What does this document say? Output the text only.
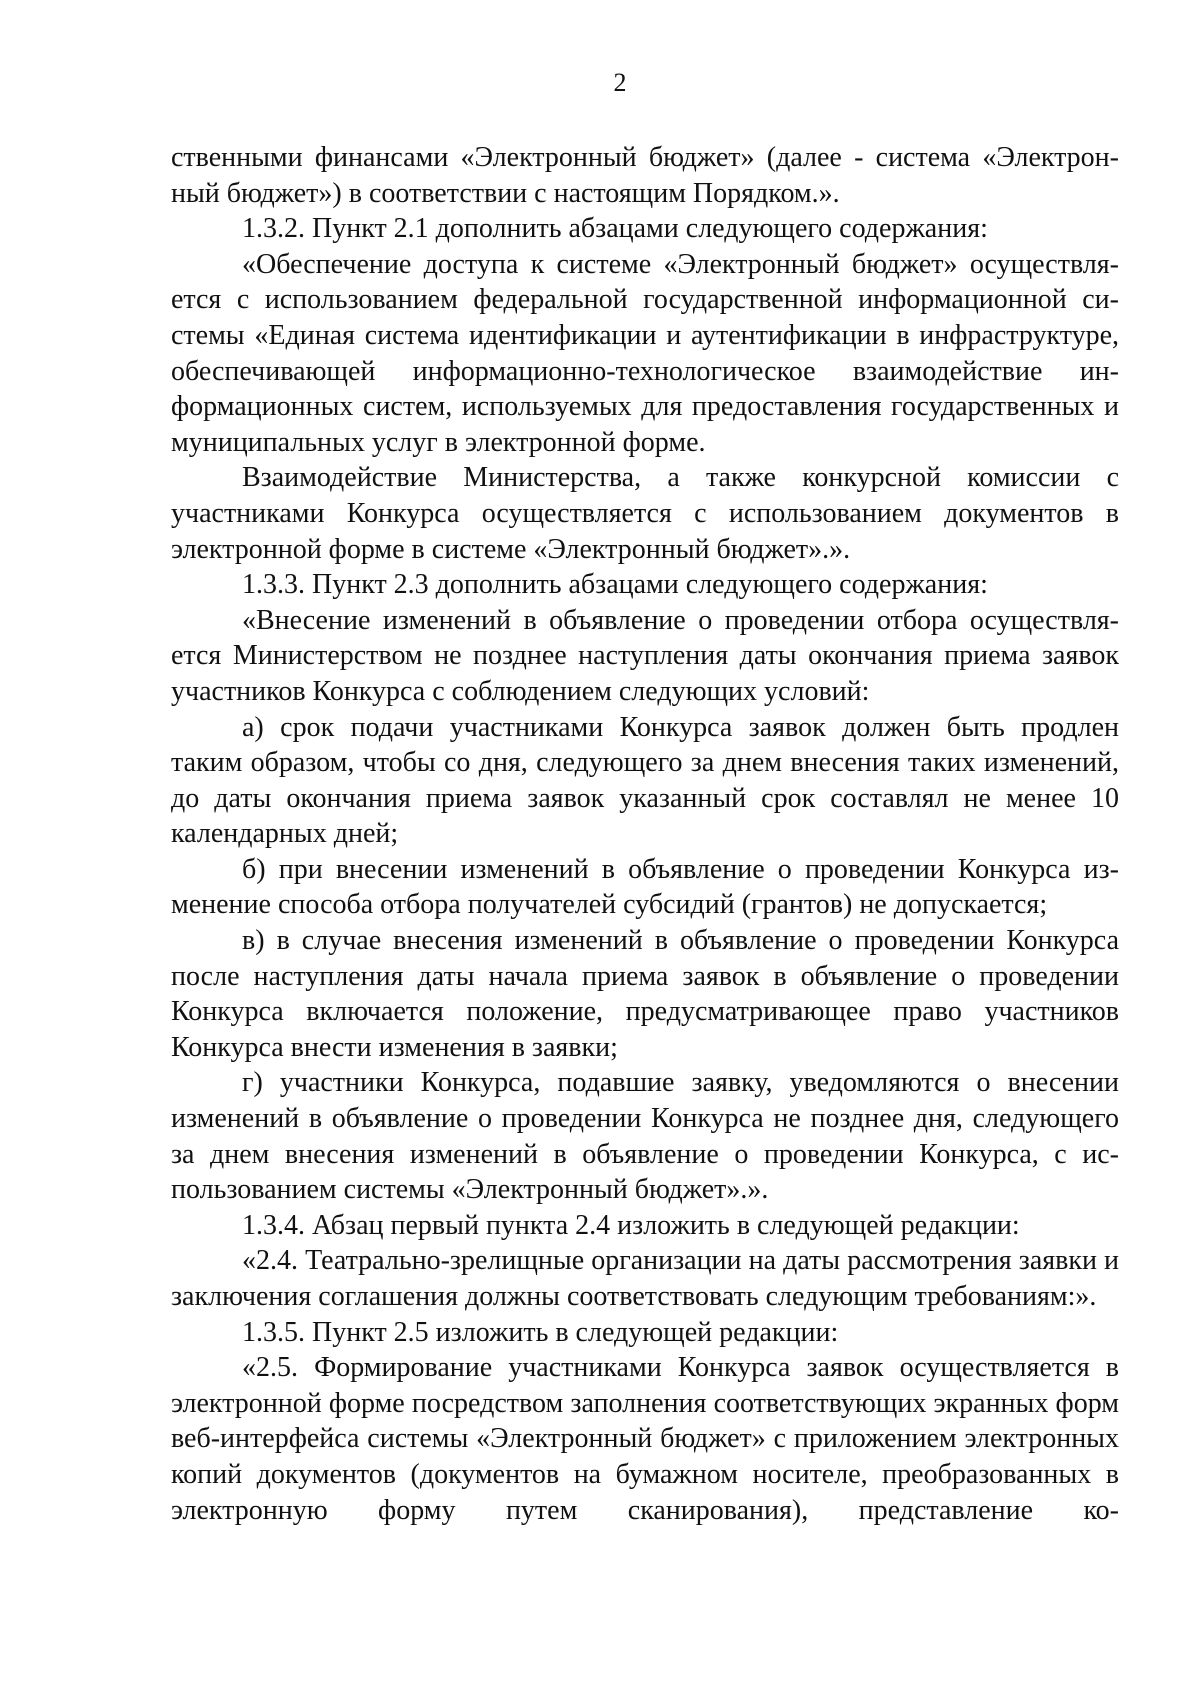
2

ственными финансами «Электронный бюджет» (далее - система «Электронный бюджет») в соответствии с настоящим Порядком.».

1.3.2. Пункт 2.1 дополнить абзацами следующего содержания:

«Обеспечение доступа к системе «Электронный бюджет» осуществляется с использованием федеральной государственной информационной системы «Единая система идентификации и аутентификации в инфраструктуре, обеспечивающей информационно-технологическое взаимодействие информационных систем, используемых для предоставления государственных и муниципальных услуг в электронной форме.

Взаимодействие Министерства, а также конкурсной комиссии с участниками Конкурса осуществляется с использованием документов в электронной форме в системе «Электронный бюджет».».

1.3.3. Пункт 2.3 дополнить абзацами следующего содержания:

«Внесение изменений в объявление о проведении отбора осуществляется Министерством не позднее наступления даты окончания приема заявок участников Конкурса с соблюдением следующих условий:

а) срок подачи участниками Конкурса заявок должен быть продлен таким образом, чтобы со дня, следующего за днем внесения таких изменений, до даты окончания приема заявок указанный срок составлял не менее 10 календарных дней;

б) при внесении изменений в объявление о проведении Конкурса изменение способа отбора получателей субсидий (грантов) не допускается;

в) в случае внесения изменений в объявление о проведении Конкурса после наступления даты начала приема заявок в объявление о проведении Конкурса включается положение, предусматривающее право участников Конкурса внести изменения в заявки;

г) участники Конкурса, подавшие заявку, уведомляются о внесении изменений в объявление о проведении Конкурса не позднее дня, следующего за днем внесения изменений в объявление о проведении Конкурса, с использованием системы «Электронный бюджет».».

1.3.4. Абзац первый пункта 2.4 изложить в следующей редакции:

«2.4. Театрально-зрелищные организации на даты рассмотрения заявки и заключения соглашения должны соответствовать следующим требованиям:».

1.3.5. Пункт 2.5 изложить в следующей редакции:

«2.5. Формирование участниками Конкурса заявок осуществляется в электронной форме посредством заполнения соответствующих экранных форм веб-интерфейса системы «Электронный бюджет» с приложением электронных копий документов (документов на бумажном носителе, преобразованных в электронную форму путем сканирования), представление ко-
